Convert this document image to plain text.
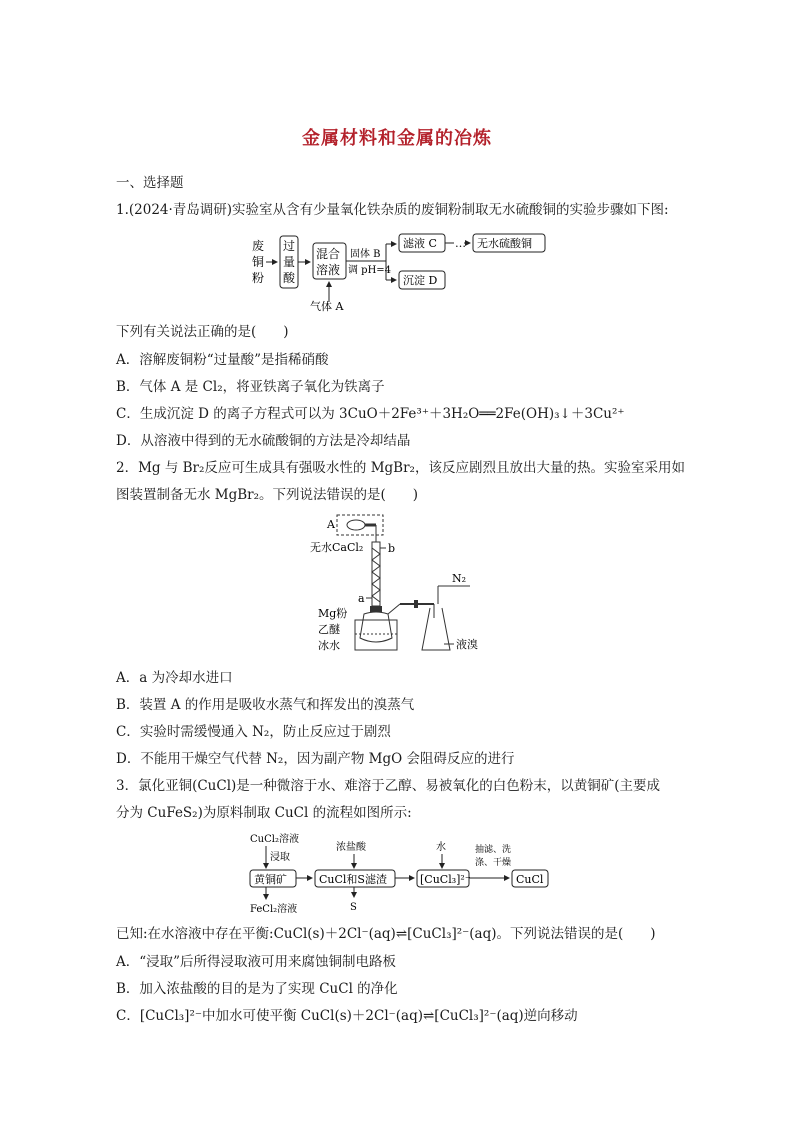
金属材料和金属的冶炼
一、选择题
1.(2024·青岛调研)实验室从含有少量氧化铁杂质的废铜粉制取无水硫酸铜的实验步骤如下图:
废
铜
粉
过
量
酸
混合
溶液
气体 A
固体 B
调 pH=4
滤液 C … 无水硫酸铜
沉淀 D
下列有关说法正确的是(　　)
A．溶解废铜粉“过量酸”是指稀硝酸
B．气体 A 是 Cl₂，将亚铁离子氧化为铁离子
C．生成沉淀 D 的离子方程式可以为 3CuO＋2Fe³⁺＋3H₂O══2Fe(OH)₃↓＋3Cu²⁺
D．从溶液中得到的无水硫酸铜的方法是冷却结晶
2．Mg 与 Br₂反应可生成具有强吸水性的 MgBr₂，该反应剧烈且放出大量的热。实验室采用如
图装置制备无水 MgBr₂。下列说法错误的是(　　)
A
无水CaCl₂ b
a
Mg粉
乙醚
冰水
N₂
液溴
A．a 为冷却水进口
B．装置 A 的作用是吸收水蒸气和挥发出的溴蒸气
C．实验时需缓慢通入 N₂，防止反应过于剧烈
D．不能用干燥空气代替 N₂，因为副产物 MgO 会阻碍反应的进行
3．氯化亚铜(CuCl)是一种微溶于水、难溶于乙醇、易被氧化的白色粉末，以黄铜矿(主要成
分为 CuFeS₂)为原料制取 CuCl 的流程如图所示:
CuCl₂溶液
浸取
黄铜矿
FeCl₂溶液
浓盐酸
CuCl和S滤渣
S
水
[CuCl₃]²⁻
抽滤、洗
涤、干燥
CuCl
已知:在水溶液中存在平衡:CuCl(s)＋2Cl⁻(aq)⇌[CuCl₃]²⁻(aq)。下列说法错误的是(　　)
A．“浸取”后所得浸取液可用来腐蚀铜制电路板
B．加入浓盐酸的目的是为了实现 CuCl 的净化
C．[CuCl₃]²⁻中加水可使平衡 CuCl(s)＋2Cl⁻(aq)⇌[CuCl₃]²⁻(aq)逆向移动
